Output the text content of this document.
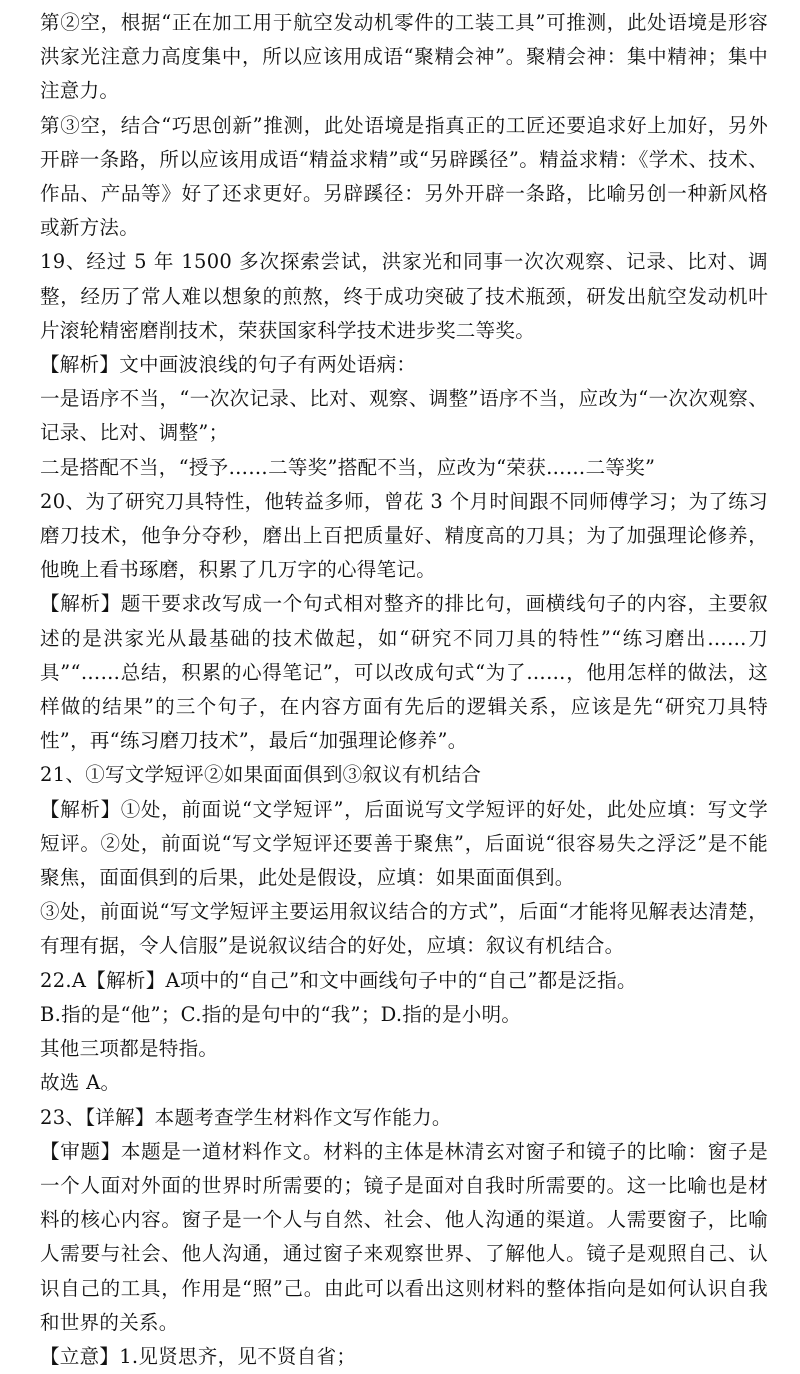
第②空，根据“正在加工用于航空发动机零件的工装工具”可推测，此处语境是形容洪家光注意力高度集中，所以应该用成语“聚精会神”。聚精会神：集中精神；集中注意力。

第③空，结合“巧思创新”推测，此处语境是指真正的工匠还要追求好上加好，另外开辟一条路，所以应该用成语“精益求精”或“另辟蹊径”。精益求精：《学术、技术、作品、产品等》好了还求更好。另辟蹊径：另外开辟一条路，比喻另创一种新风格或新方法。

19、经过 5 年 1500 多次探索尝试，洪家光和同事一次次观察、记录、比对、调整，经历了常人难以想象的煎熬，终于成功突破了技术瓶颈，研发出航空发动机叶片滚轮精密磨削技术，荣获国家科学技术进步奖二等奖。

【解析】文中画波浪线的句子有两处语病：

一是语序不当，“一次次记录、比对、观察、调整”语序不当，应改为“一次次观察、记录、比对、调整”；

二是搭配不当，“授予……二等奖”搭配不当，应改为“荣获……二等奖”

20、为了研究刀具特性，他转益多师，曾花 3 个月时间跟不同师傅学习；为了练习磨刀技术，他争分夺秒，磨出上百把质量好、精度高的刀具；为了加强理论修养，他晚上看书琢磨，积累了几万字的心得笔记。

【解析】题干要求改写成一个句式相对整齐的排比句，画横线句子的内容，主要叙述的是洪家光从最基础的技术做起，如“研究不同刀具的特性”“练习磨出……刀具”“……总结，积累的心得笔记”，可以改成句式“为了……，他用怎样的做法，这样做的结果”的三个句子，在内容方面有先后的逻辑关系，应该是先“研究刀具特性”，再“练习磨刀技术”，最后“加强理论修养”。

21、①写文学短评②如果面面俱到③叙议有机结合

【解析】①处，前面说“文学短评”，后面说写文学短评的好处，此处应填：写文学短评。②处，前面说“写文学短评还要善于聚焦”，后面说“很容易失之浮泛”是不能聚焦，面面俱到的后果，此处是假设，应填：如果面面俱到。

③处，前面说“写文学短评主要运用叙议结合的方式”，后面“才能将见解表达清楚，有理有据，令人信服”是说叙议结合的好处，应填：叙议有机结合。

22.A【解析】A项中的“自己”和文中画线句子中的“自己”都是泛指。

B.指的是“他”；C.指的是句中的“我”；D.指的是小明。

其他三项都是特指。

故选 A。

23、【详解】本题考查学生材料作文写作能力。

【审题】本题是一道材料作文。材料的主体是林清玄对窗子和镜子的比喻：窗子是一个人面对外面的世界时所需要的；镜子是面对自我时所需要的。这一比喻也是材料的核心内容。窗子是一个人与自然、社会、他人沟通的渠道。人需要窗子，比喻人需要与社会、他人沟通，通过窗子来观察世界、了解他人。镜子是观照自己、认识自己的工具，作用是“照”己。由此可以看出这则材料的整体指向是如何认识自我和世界的关系。

【立意】1.见贤思齐，见不贤自省；
